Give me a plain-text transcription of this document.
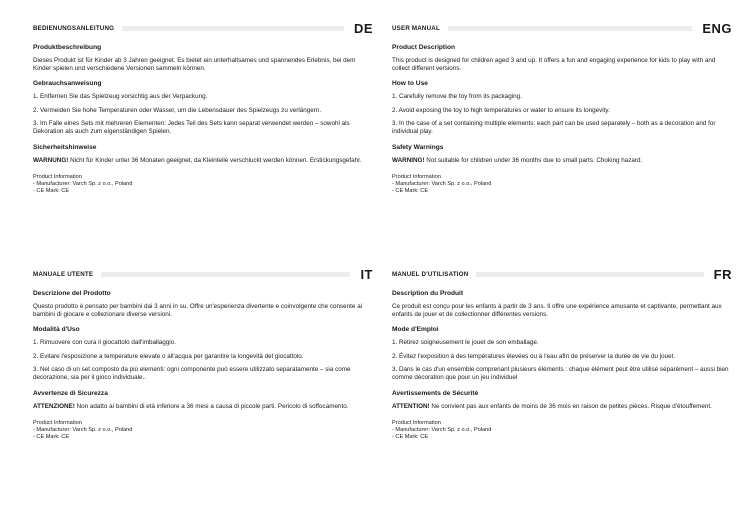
BEDIENUNGSANLEITUNG	DE
Produktbeschreibung
Dieses Produkt ist für Kinder ab 3 Jahren geeignet. Es bietet ein unterhaltsames und spannendes Erlebnis, bei dem Kinder spielen und verschiedene Versionen sammeln können.
Gebrauchsanweisung
1. Entfernen Sie das Spielzeug vorsichtig aus der Verpackung.
2. Vermeiden Sie hohe Temperaturen oder Wasser, um die Lebensdauer des Spielzeugs zu verlängern.
3. Im Falle eines Sets mit mehreren Elementen: Jedes Teil des Sets kann separat verwendet werden – sowohl als Dekoration als auch zum eigenständigen Spielen.
Sicherheitshinweise
WARNUNG! Nicht für Kinder unter 36 Monaten geeignet, da Kleinteile verschluckt werden können. Erstickungsgefahr.
Product Information
- Manufacturer: Varch Sp. z o.o., Poland
- CE Mark: CE
USER MANUAL	ENG
Product Description
This product is designed for children aged 3 and up. It offers a fun and engaging experience for kids to play with and collect different versions.
How to Use
1. Carefully remove the toy from its packaging.
2. Avoid exposing the toy to high temperatures or water to ensure its longevity.
3. In the case of a set containing multiple elements: each part can be used separately – both as a decoration and for individual play.
Safety Warnings
WARNING! Not suitable for children under 36 months due to small parts. Choking hazard.
Product Information
- Manufacturer: Varch Sp. z o.o., Poland
- CE Mark: CE
MANUALE UTENTE	IT
Descrizione del Prodotto
Questo prodotto è pensato per bambini dai 3 anni in su. Offre un'esperienza divertente e coinvolgente che consente ai bambini di giocare e collezionare diverse versioni.
Modalità d'Uso
1. Rimuovere con cura il giocattolo dall'imballaggio.
2. Evitare l'esposizione a temperature elevate o all'acqua per garantire la longevità del giocattolo.
3. Nel caso di un set composto da più elementi: ogni componente può essere utilizzato separatamente – sia come decorazione, sia per il gioco individuale..
Avvertenze di Sicurezza
ATTENZIONE! Non adatto ai bambini di età inferiore a 36 mesi a causa di piccole parti. Pericolo di soffocamento.
Product Information
- Manufacturer: Varch Sp. z o.o., Poland
- CE Mark: CE
MANUEL D'UTILISATION	FR
Description du Produit
Ce produit est conçu pour les enfants à partir de 3 ans. Il offre une expérience amusante et captivante, permettant aux enfants de jouer et de collectionner différentes versions.
Mode d'Emploi
1. Retirez soigneusement le jouet de son emballage.
2. Évitez l'exposition à des températures élevées ou à l'eau afin de préserver la durée de vie du jouet.
3. Dans le cas d'un ensemble comprenant plusieurs éléments : chaque élément peut être utilisé séparément – aussi bien comme décoration que pour un jeu individuel
Avertissements de Sécurité
ATTENTION! Ne convient pas aux enfants de moins de 36 mois en raison de petites pièces. Risque d'étouffement.
Product Information
- Manufacturer: Varch Sp. z o.o., Poland
- CE Mark: CE
